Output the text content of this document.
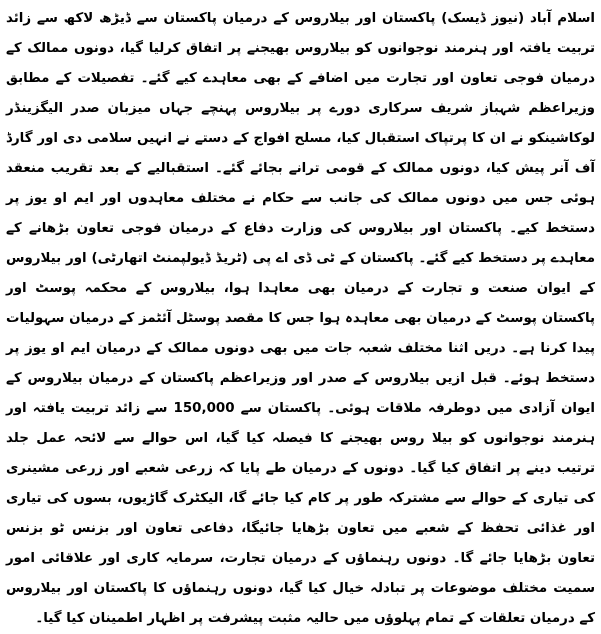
اسلام آباد (نیوز ڈیسک) پاکستان اور بیلاروس کے درمیان پاکستان سے ڈیڑھ لاکھ سے زائد تربیت یافتہ اور ہنرمند نوجوانوں کو بیلاروس بھیجنے پر اتفاق کرلیا گیا، دونوں ممالک کے درمیان فوجی تعاون اور تجارت میں اضافے کے بھی معاہدے کیے گئے۔ تفصیلات کے مطابق وزیراعظم شہباز شریف سرکاری دورے پر بیلاروس پہنچے جہاں میزبان صدر الیگزینڈر لوکاشینکو نے ان کا پرتپاک استقبال کیا، مسلح افواج کے دستے نے انہیں سلامی دی اور گارڈ آف آنر پیش کیا، دونوں ممالک کے قومی ترانے بجائے گئے۔ استقبالیے کے بعد تقریب منعقد ہوئی جس میں دونوں ممالک کی جانب سے حکام نے مختلف معاہدوں اور ایم او یوز پر دستخط کیے۔ پاکستان اور بیلاروس کی وزارت دفاع کے درمیان فوجی تعاون بڑھانے کے معاہدے پر دستخط کیے گئے۔ پاکستان کے ٹی ڈی اے پی (ٹریڈ ڈیولپمنٹ اتھارٹی) اور بیلاروس کے ایوان صنعت و تجارت کے درمیان بھی معاہدا ہوا، بیلاروس کے محکمہ پوسٹ اور پاکستان پوسٹ کے درمیان بھی معاہدہ ہوا جس کا مقصد پوسٹل آئٹمز کے درمیان سہولیات پیدا کرنا ہے۔ دریں اثنا مختلف شعبہ جات میں بھی دونوں ممالک کے درمیان ایم او یوز پر دستخط ہوئے۔ قبل ازیں بیلاروس کے صدر اور وزیراعظم پاکستان کے درمیان بیلاروس کے ایوان آزادی میں دوطرفہ ملاقات ہوئی۔ پاکستان سے 150,000 سے زائد تربیت یافتہ اور ہنرمند نوجوانوں کو بیلا روس بھیجنے کا فیصلہ کیا گیا، اس حوالے سے لائحہ عمل جلد ترتیب دینے پر اتفاق کیا گیا۔ دونوں کے درمیان طے پایا کہ زرعی شعبے اور زرعی مشینری کی تیاری کے حوالے سے مشترکہ طور پر کام کیا جائے گا، الیکٹرک گاڑیوں، بسوں کی تیاری اور غذائی تحفظ کے شعبے میں تعاون بڑھایا جائیگا، دفاعی تعاون اور بزنس ٹو بزنس تعاون بڑھایا جائے گا۔ دونوں رہنماؤں کے درمیان تجارت، سرمایہ کاری اور علاقائی امور سمیت مختلف موضوعات پر تبادلہ خیال کیا گیا، دونوں رہنماؤں کا پاکستان اور بیلاروس کے درمیان تعلقات کے تمام پہلوؤں میں حالیہ مثبت پیشرفت پر اظہار اطمینان کیا گیا۔
